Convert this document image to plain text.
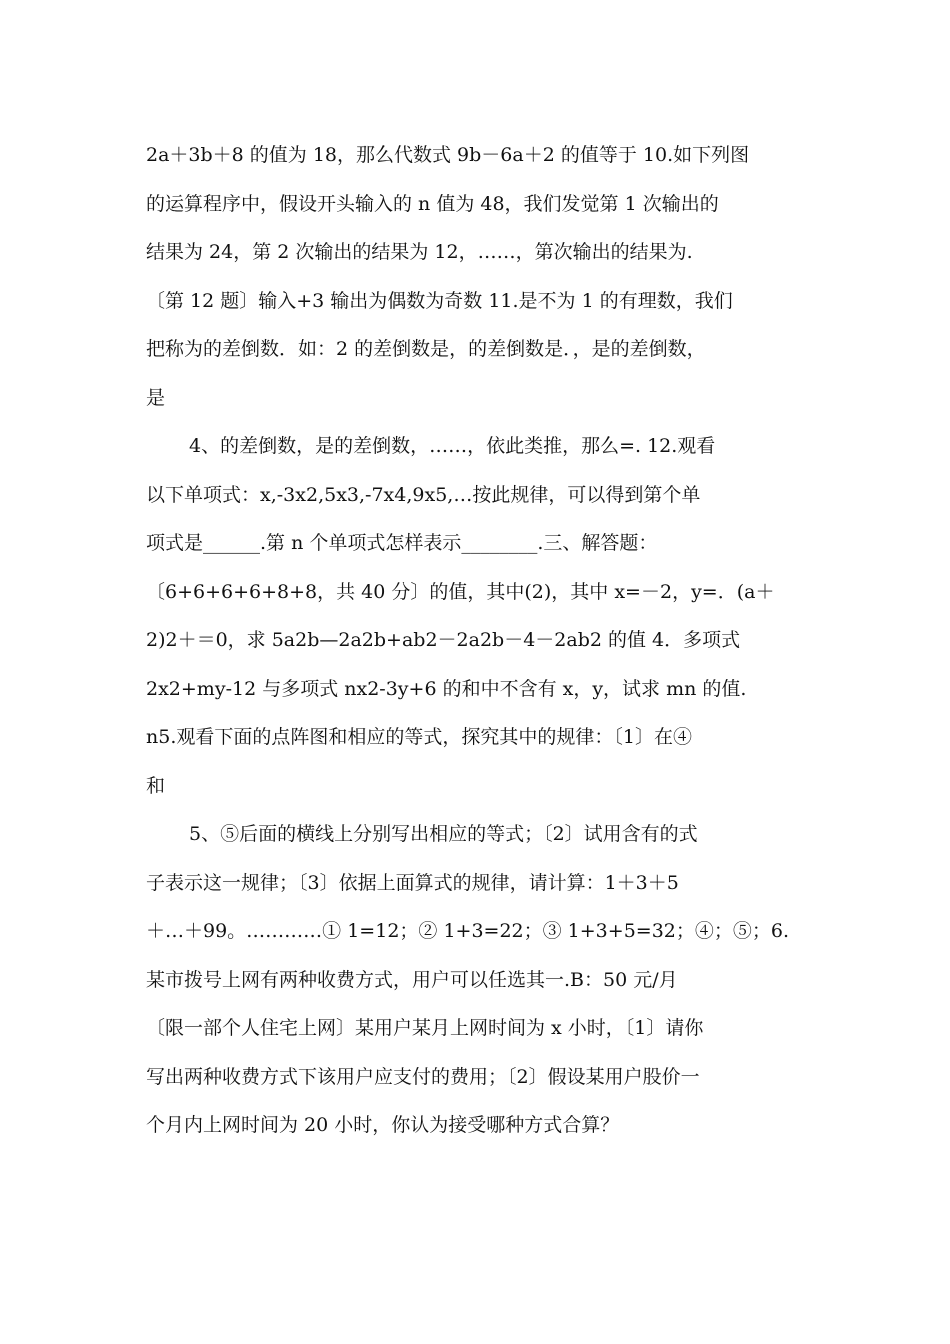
2a＋3b＋8 的值为 18，那么代数式 9b－6a＋2 的值等于 10.如下列图
的运算程序中，假设开头输入的 n 值为 48，我们发觉第 1 次输出的
结果为 24，第 2 次输出的结果为 12，……，第次输出的结果为.
〔第 12 题〕输入+3 输出为偶数为奇数 11.是不为 1 的有理数，我们
把称为的差倒数．如：2 的差倒数是，的差倒数是．，是的差倒数，
是
4、的差倒数，是的差倒数，……，依此类推，那么=. 12.观看
以下单项式：x,-3x2,5x3,-7x4,9x5,…按此规律，可以得到第个单
项式是______.第 n 个单项式怎样表示________.三、解答题：
〔6+6+6+6+8+8，共 40 分〕的值，其中(2)，其中 x=－2，y=．(a＋
2)2＋＝0，求 5a2b—2a2b+ab2－2a2b－4－2ab2 的值 4．多项式
2x2+my-12 与多项式 nx2-3y+6 的和中不含有 x，y，试求 mn 的值.
n5.观看下面的点阵图和相应的等式，探究其中的规律：〔1〕在④
和
5、⑤后面的横线上分别写出相应的等式；〔2〕试用含有的式
子表示这一规律；〔3〕依据上面算式的规律，请计算：1＋3＋5
＋…＋99。…………① 1=12；② 1+3=22；③ 1+3+5=32；④；⑤；6.
某市拨号上网有两种收费方式，用户可以任选其一.B：50 元/月
〔限一部个人住宅上网〕某用户某月上网时间为 x 小时，〔1〕请你
写出两种收费方式下该用户应支付的费用；〔2〕假设某用户股价一
个月内上网时间为 20 小时，你认为接受哪种方式合算？
